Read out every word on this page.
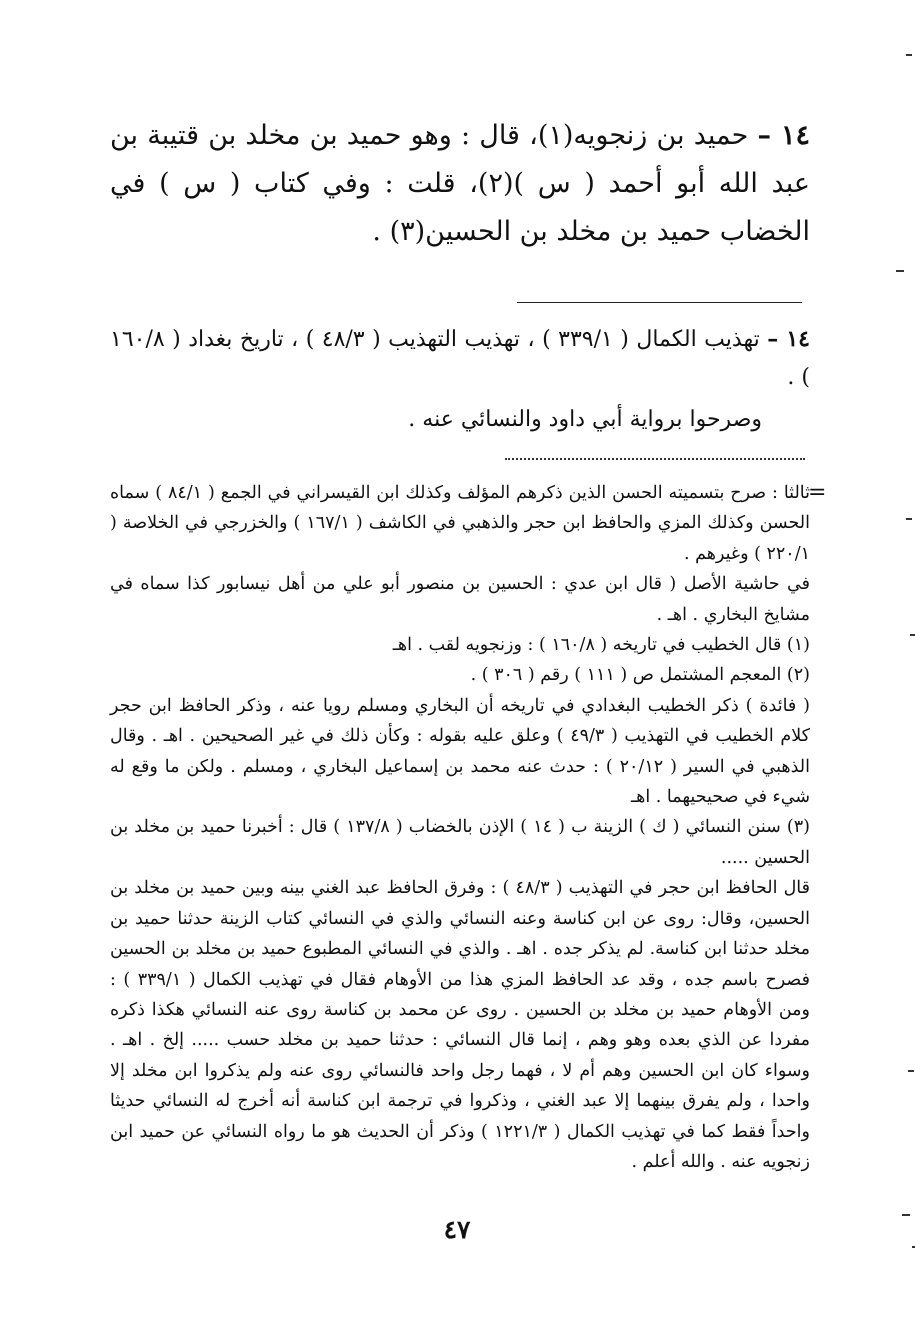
١٤ – حميد بن زنجويه(١)، قال : وهو حميد بن مخلد بن قتيبة بن عبد الله أبو أحمد ( س )(٢)، قلت : وفي كتاب ( س ) في الخضاب حميد بن مخلد بن الحسين(٣) .

١٤ – تهذيب الكمال ( ٣٣٩/١ ) ، تهذيب التهذيب ( ٤٨/٣ ) ، تاريخ بغداد ( ١٦٠/٨ ) .

وصرحوا برواية أبي داود والنسائي عنه .

=

ثالثا : صرح بتسميته الحسن الذين ذكرهم المؤلف وكذلك ابن القيسراني في الجمع ( ٨٤/١ ) سماه الحسن وكذلك المزي والحافظ ابن حجر والذهبي في الكاشف ( ١٦٧/١ ) والخزرجي في الخلاصة ( ٢٢٠/١ ) وغيرهم .

في حاشية الأصل ( قال ابن عدي : الحسين بن منصور أبو علي من أهل نيسابور كذا سماه في مشايخ البخاري . اهـ .

(١) قال الخطيب في تاريخه ( ١٦٠/٨ ) : وزنجويه لقب . اهـ

(٢) المعجم المشتمل ص ( ١١١ ) رقم ( ٣٠٦ ) .

( فائدة ) ذكر الخطيب البغدادي في تاريخه أن البخاري ومسلم رويا عنه ، وذكر الحافظ ابن حجر كلام الخطيب في التهذيب ( ٤٩/٣ ) وعلق عليه بقوله : وكأن ذلك في غير الصحيحين . اهـ . وقال الذهبي في السير ( ٢٠/١٢ ) : حدث عنه محمد بن إسماعيل البخاري ، ومسلم . ولكن ما وقع له شيء في صحيحيهما . اهـ

(٣) سنن النسائي ( ك ) الزينة ب ( ١٤ ) الإذن بالخضاب ( ١٣٧/٨ ) قال : أخبرنا حميد بن مخلد بن الحسين .....

قال الحافظ ابن حجر في التهذيب ( ٤٨/٣ ) : وفرق الحافظ عبد الغني بينه وبين حميد بن مخلد بن الحسين، وقال: روى عن ابن كناسة وعنه النسائي والذي في النسائي كتاب الزينة حدثنا حميد بن مخلد حدثنا ابن كناسة. لم يذكر جده . اهـ . والذي في النسائي المطبوع حميد بن مخلد بن الحسين فصرح باسم جده ، وقد عد الحافظ المزي هذا من الأوهام فقال في تهذيب الكمال ( ٣٣٩/١ ) : ومن الأوهام حميد بن مخلد بن الحسين . روى عن محمد بن كناسة روى عنه النسائي هكذا ذكره مفردا عن الذي بعده وهو وهم ، إنما قال النسائي : حدثنا حميد بن مخلد حسب ..... إلخ . اهـ . وسواء كان ابن الحسين وهم أم لا ، فهما رجل واحد فالنسائي روى عنه ولم يذكروا ابن مخلد إلا واحدا ، ولم يفرق بينهما إلا عبد الغني ، وذكروا في ترجمة ابن كناسة أنه أخرج له النسائي حديثا واحداً فقط كما في تهذيب الكمال ( ١٢٢١/٣ ) وذكر أن الحديث هو ما رواه النسائي عن حميد ابن زنجويه عنه . والله أعلم .

٤٧
